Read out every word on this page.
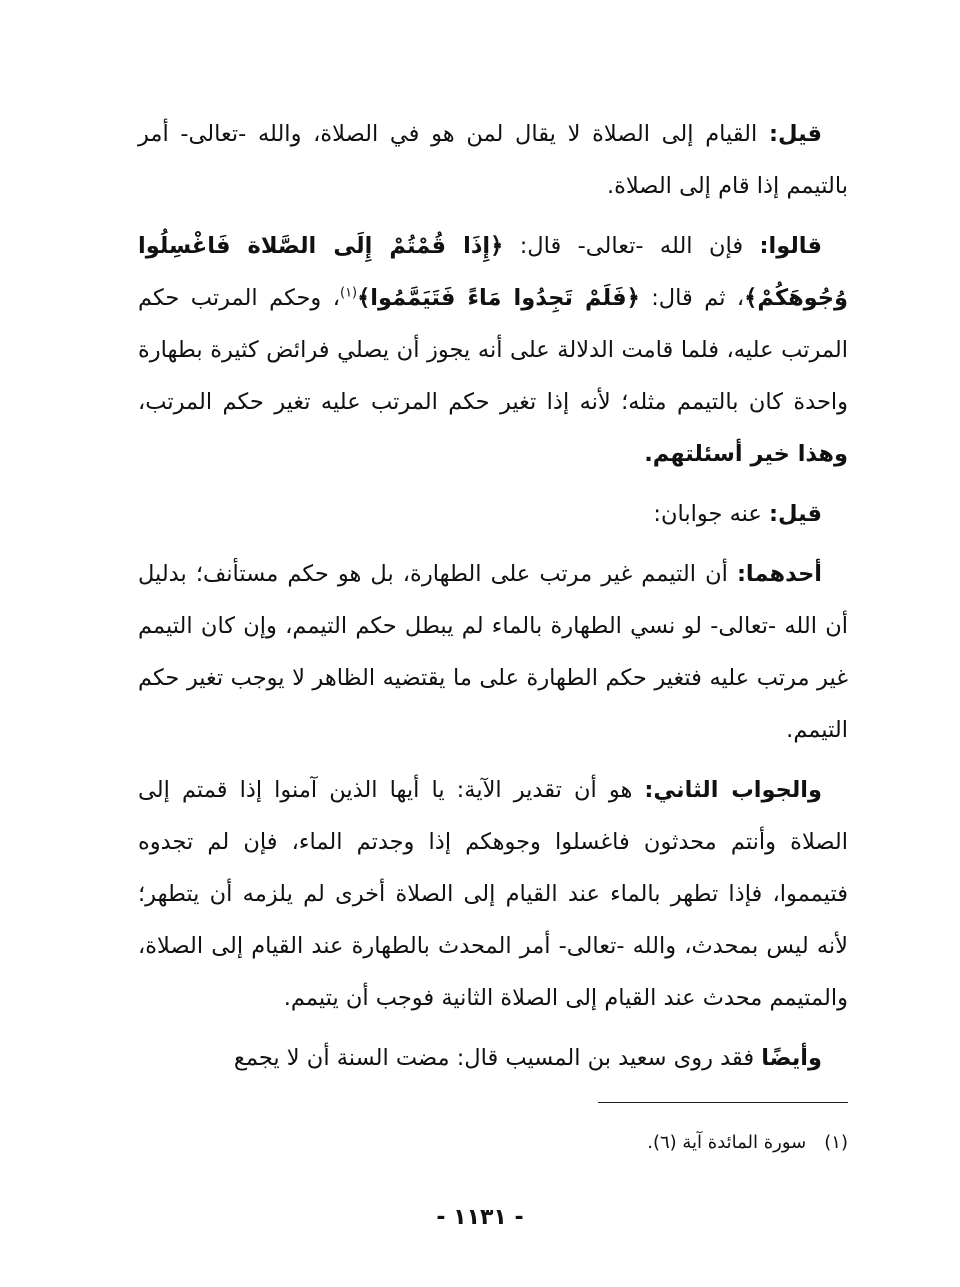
قيل: القيام إلى الصلاة لا يقال لمن هو في الصلاة، والله -تعالى- أمر بالتيمم إذا قام إلى الصلاة.

قالوا: فإن الله -تعالى- قال: ﴿إِذَا قُمْتُمْ إِلَى الصَّلاة فَاغْسِلُوا وُجُوهَكُمْ﴾، ثم قال: ﴿فَلَمْ تَجِدُوا مَاءً فَتَيَمَّمُوا﴾$^{(١)}$، وحكم المرتب حكم المرتب عليه، فلما قامت الدلالة على أنه يجوز أن يصلي فرائض كثيرة بطهارة واحدة كان بالتيمم مثله؛ لأنه إذا تغير حكم المرتب عليه تغير حكم المرتب، وهذا خير أسئلتهم.

قيل: عنه جوابان:

أحدهما: أن التيمم غير مرتب على الطهارة، بل هو حكم مستأنف؛ بدليل أن الله -تعالى- لو نسي الطهارة بالماء لم يبطل حكم التيمم، وإن كان التيمم غير مرتب عليه فتغير حكم الطهارة على ما يقتضيه الظاهر لا يوجب تغير حكم التيمم.

والجواب الثاني: هو أن تقدير الآية: يا أيها الذين آمنوا إذا قمتم إلى الصلاة وأنتم محدثون فاغسلوا وجوهكم إذا وجدتم الماء، فإن لم تجدوه فتيمموا، فإذا تطهر بالماء عند القيام إلى الصلاة أخرى لم يلزمه أن يتطهر؛ لأنه ليس بمحدث، والله -تعالى- أمر المحدث بالطهارة عند القيام إلى الصلاة، والمتيمم محدث عند القيام إلى الصلاة الثانية فوجب أن يتيمم.

وأيضًا فقد روى سعيد بن المسيب قال: مضت السنة أن لا يجمع

(١)سورة المائدة آية (٦).
- ١١٣١ -
